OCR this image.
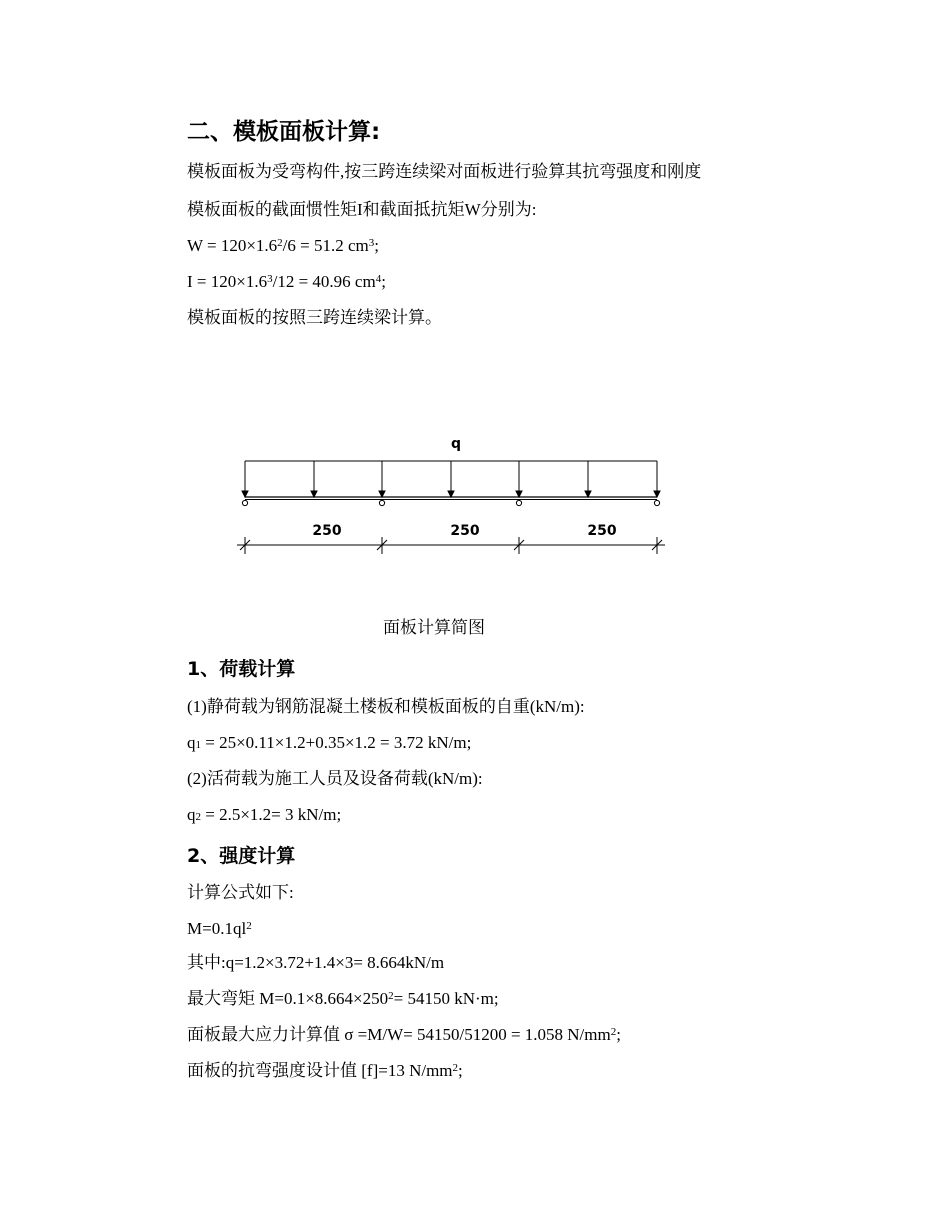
二、模板面板计算:
模板面板为受弯构件,按三跨连续梁对面板进行验算其抗弯强度和刚度
模板面板的截面惯性矩I和截面抵抗矩W分别为:
$W = 120\times 1.6^2/6 = 51.2$ $cm^3$;
$I = 120\times 1.6^3/12 = 40.96$ $cm^4$;
模板面板的按照三跨连续梁计算。
q
250	250	250
面板计算简图
1、荷载计算
(1)静荷载为钢筋混凝土楼板和模板面板的自重(kN/m):
$q_1 = 25\times 0.11\times 1.2+0.35\times 1.2 = 3.72$ kN/m;
(2)活荷载为施工人员及设备荷载(kN/m):
$q_2 = 2.5\times 1.2= 3$ kN/m;
2、强度计算
计算公式如下:
$M=0.1ql^2$
其中:q=1.2×3.72+1.4×3= 8.664kN/m
最大弯矩 $M=0.1\times 8.664\times 250^2= 54150$ kN·m;
面板最大应力计算值 σ =M/W= 54150/51200 = 1.058 $N/mm^2$;
面板的抗弯强度设计值 [f]=13 $N/mm^2$;
